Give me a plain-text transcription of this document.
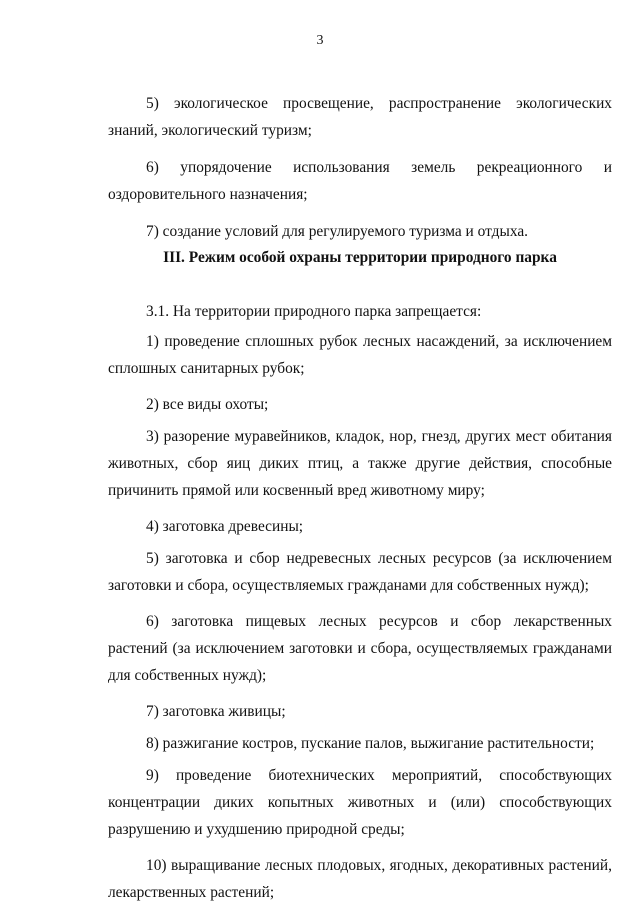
3

5) экологическое просвещение, распространение экологических знаний, экологический туризм;

6) упорядочение использования земель рекреационного и оздоровительного назначения;

7) создание условий для регулируемого туризма и отдыха.

III. Режим особой охраны территории природного парка

3.1. На территории природного парка запрещается:

1) проведение сплошных рубок лесных насаждений, за исключением сплошных санитарных рубок;

2) все виды охоты;

3) разорение муравейников, кладок, нор, гнезд, других мест обитания животных, сбор яиц диких птиц, а также другие действия, способные причинить прямой или косвенный вред животному миру;

4) заготовка древесины;

5) заготовка и сбор недревесных лесных ресурсов (за исключением заготовки и сбора, осуществляемых гражданами для собственных нужд);

6) заготовка пищевых лесных ресурсов и сбор лекарственных растений (за исключением заготовки и сбора, осуществляемых гражданами для собственных нужд);

7) заготовка живицы;

8) разжигание костров, пускание палов, выжигание растительности;

9) проведение биотехнических мероприятий, способствующих концентрации диких копытных животных и (или) способствующих разрушению и ухудшению природной среды;

10) выращивание лесных плодовых, ягодных, декоративных растений, лекарственных растений;
